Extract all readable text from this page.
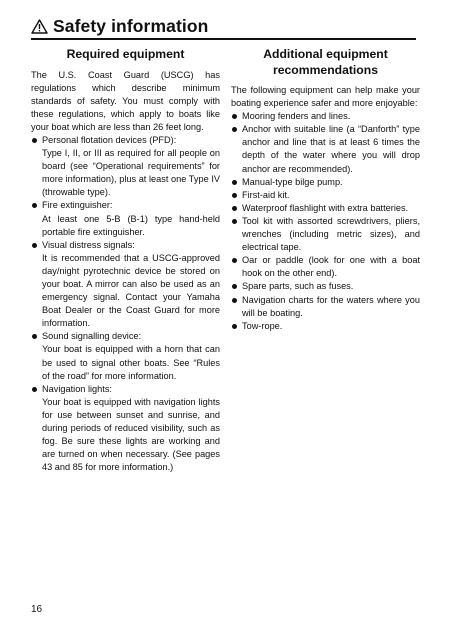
Safety information
Required equipment

The U.S. Coast Guard (USCG) has regulations which describe minimum standards of safety. You must comply with these regulations, which apply to boats like your boat which are less than 26 feet long.

Personal flotation devices (PFD):
Type I, II, or III as required for all people on board (see “Operational requirements” for more information), plus at least one Type IV (throwable type).
Fire extinguisher:
At least one 5-B (B-1) type hand-held portable fire extinguisher.
Visual distress signals:
It is recommended that a USCG-approved day/night pyrotechnic device be stored on your boat. A mirror can also be used as an emergency signal. Contact your Yamaha Boat Dealer or the Coast Guard for more information.
Sound signalling device:
Your boat is equipped with a horn that can be used to signal other boats. See “Rules of the road” for more information.
Navigation lights:
Your boat is equipped with navigation lights for use between sunset and sunrise, and during periods of reduced visibility, such as fog. Be sure these lights are working and are turned on when necessary. (See pages 43 and 85 for more information.)
Additional equipment recommendations

The following equipment can help make your boating experience safer and more enjoyable:

Mooring fenders and lines.
Anchor with suitable line (a “Danforth” type anchor and line that is at least 6 times the depth of the water where you will drop anchor are recommended).
Manual-type bilge pump.
First-aid kit.
Waterproof flashlight with extra batteries.
Tool kit with assorted screwdrivers, pliers, wrenches (including metric sizes), and electrical tape.
Oar or paddle (look for one with a boat hook on the other end).
Spare parts, such as fuses.
Navigation charts for the waters where you will be boating.
Tow-rope.
16
